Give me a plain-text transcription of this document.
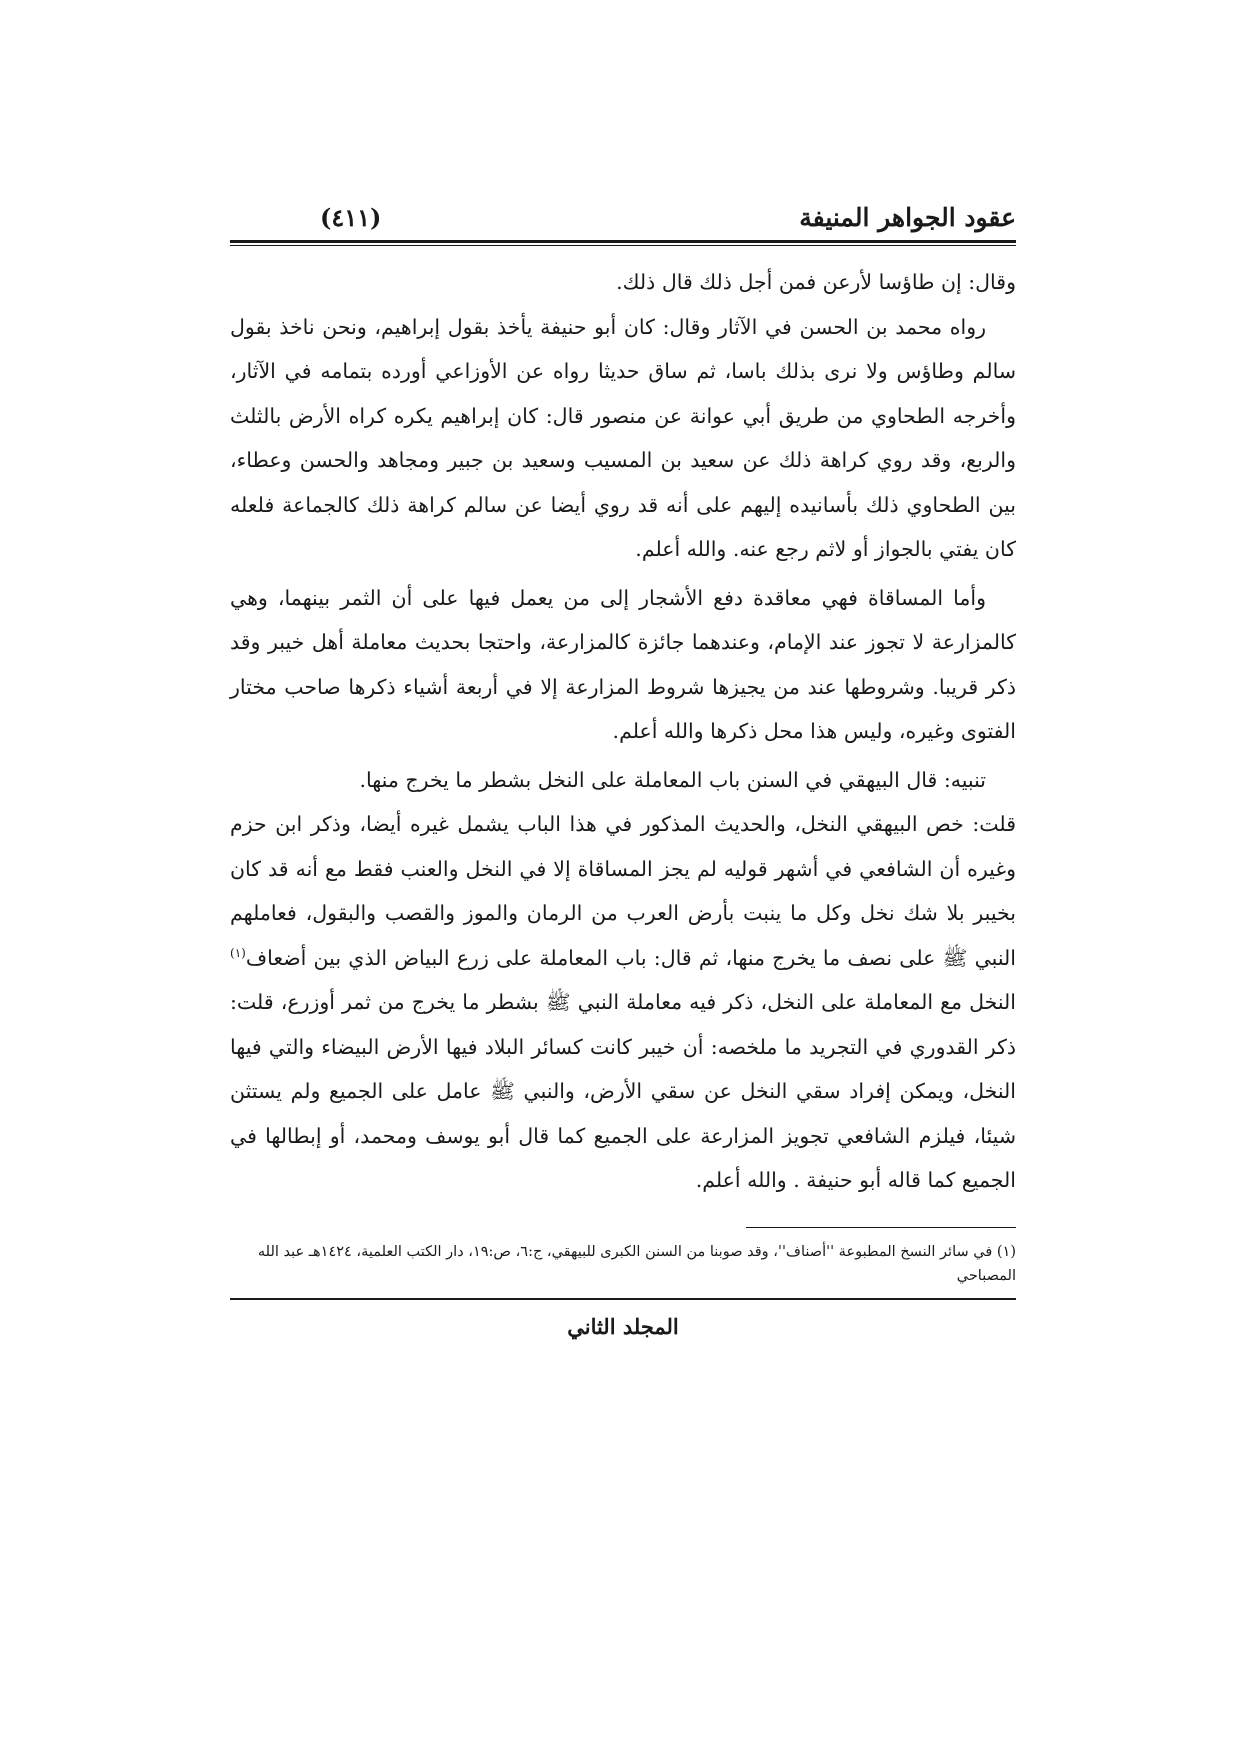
عقود الجواهر المنيفة
(٤١١)

وقال: إن طاؤسا لأرعن فمن أجل ذلك قال ذلك.

رواه محمد بن الحسن في الآثار وقال: كان أبو حنيفة يأخذ بقول إبراهيم، ونحن ناخذ بقول سالم وطاؤس ولا نرى بذلك باسا، ثم ساق حديثا رواه عن الأوزاعي أورده بتمامه في الآثار، وأخرجه الطحاوي من طريق أبي عوانة عن منصور قال: كان إبراهيم يكره كراه الأرض بالثلث والربع، وقد روي كراهة ذلك عن سعيد بن المسيب وسعيد بن جبير ومجاهد والحسن وعطاء، بين الطحاوي ذلك بأسانيده إليهم على أنه قد روي أيضا عن سالم كراهة ذلك كالجماعة فلعله كان يفتي بالجواز أو لاثم رجع عنه. والله أعلم.

وأما المساقاة فهي معاقدة دفع الأشجار إلى من يعمل فيها على أن الثمر بينهما، وهي كالمزارعة لا تجوز عند الإمام، وعندهما جائزة كالمزارعة، واحتجا بحديث معاملة أهل خيبر وقد ذكر قريبا. وشروطها عند من يجيزها شروط المزارعة إلا في أربعة أشياء ذكرها صاحب مختار الفتوى وغيره، وليس هذا محل ذكرها والله أعلم.

تنبيه: قال البيهقي في السنن باب المعاملة على النخل بشطر ما يخرج منها.

قلت: خص البيهقي النخل، والحديث المذكور في هذا الباب يشمل غيره أيضا، وذكر ابن حزم وغيره أن الشافعي في أشهر قوليه لم يجز المساقاة إلا في النخل والعنب فقط مع أنه قد كان بخيبر بلا شك نخل وكل ما ينبت بأرض العرب من الرمان والموز والقصب والبقول، فعاملهم النبي ﷺ على نصف ما يخرج منها، ثم قال: باب المعاملة على زرع البياض الذي بين أضعاف$^{(١)}$ النخل مع المعاملة على النخل، ذكر فيه معاملة النبي ﷺ بشطر ما يخرج من ثمر أوزرع، قلت: ذكر القدوري في التجريد ما ملخصه: أن خيبر كانت كسائر البلاد فيها الأرض البيضاء والتي فيها النخل، ويمكن إفراد سقي النخل عن سقي الأرض، والنبي ﷺ عامل على الجميع ولم يستثن شيئا، فيلزم الشافعي تجويز المزارعة على الجميع كما قال أبو يوسف ومحمد، أو إبطالها في الجميع كما قاله أبو حنيفة . والله أعلم.

(١) في سائر النسخ المطبوعة ''أصناف''، وقد صوبنا من السنن الكبرى للبيهقي، ج:٦، ص:١٩، دار الكتب العلمية، ١٤٢٤هـ عبد الله المصباحي
المجلد الثاني
